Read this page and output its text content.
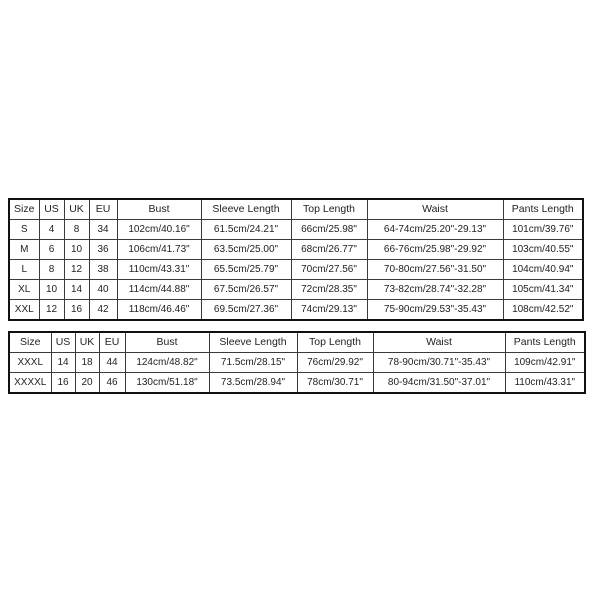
Size	US	UK	EU	Bust	Sleeve Length	Top Length	Waist	Pants Length
S	4	8	34	102cm/40.16"	61.5cm/24.21"	66cm/25.98"	64-74cm/25.20"-29.13"	101cm/39.76"
M	6	10	36	106cm/41.73"	63.5cm/25.00"	68cm/26.77"	66-76cm/25.98"-29.92"	103cm/40.55"
L	8	12	38	110cm/43.31"	65.5cm/25.79"	70cm/27.56"	70-80cm/27.56"-31.50"	104cm/40.94"
XL	10	14	40	114cm/44.88"	67.5cm/26.57"	72cm/28.35"	73-82cm/28.74"-32.28"	105cm/41.34"
XXL	12	16	42	118cm/46.46"	69.5cm/27.36"	74cm/29.13"	75-90cm/29.53"-35.43"	108cm/42.52"
Size	US	UK	EU	Bust	Sleeve Length	Top Length	Waist	Pants Length
XXXL	14	18	44	124cm/48.82"	71.5cm/28.15"	76cm/29.92"	78-90cm/30.71"-35.43"	109cm/42.91"
XXXXL	16	20	46	130cm/51.18"	73.5cm/28.94"	78cm/30.71"	80-94cm/31.50"-37.01"	110cm/43.31"
